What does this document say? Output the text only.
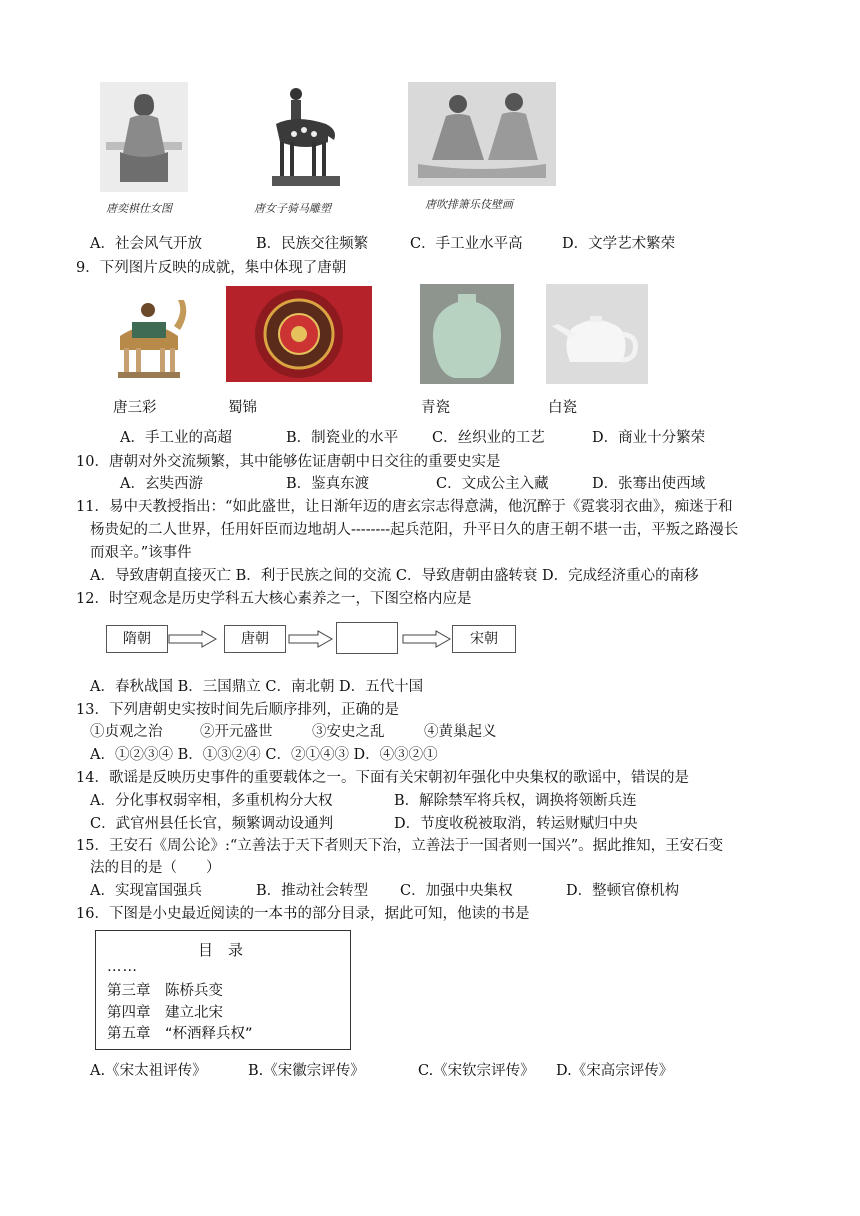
唐奕棋仕女图	唐女子骑马雕塑	唐吹排箫乐伎壁画
A．社会风气开放	B．民族交往频繁	C．手工业水平高	D．文学艺术繁荣
9．下列图片反映的成就，集中体现了唐朝
唐三彩	蜀锦	青瓷	白瓷
A．手工业的高超	B．制瓷业的水平 C．丝织业的工艺	D．商业十分繁荣
10．唐朝对外交流频繁，其中能够佐证唐朝中日交往的重要史实是
A．玄奘西游	B．鉴真东渡	C．文成公主入藏	D．张骞出使西域
11．易中天教授指出：“如此盛世，让日渐年迈的唐玄宗志得意满，他沉醉于《霓裳羽衣曲》，痴迷于和
杨贵妃的二人世界，任用奸臣而边地胡人--------起兵范阳，升平日久的唐王朝不堪一击，平叛之路漫长
而艰辛。”该事件
A．导致唐朝直接灭亡 B．利于民族之间的交流 C．导致唐朝由盛转衰 D．完成经济重心的南移
12．时空观念是历史学科五大核心素养之一，下图空格内应是
隋朝	唐朝	宋朝
A．春秋战国 B．三国鼎立 C．南北朝 D．五代十国
13．下列唐朝史实按时间先后顺序排列，正确的是
①贞观之治	②开元盛世	③安史之乱	④黄巢起义
A．①②③④ B．①③②④ C．②①④③ D．④③②①
14．歌谣是反映历史事件的重要载体之一。下面有关宋朝初年强化中央集权的歌谣中，错误的是
A．分化事权弱宰相，多重机构分大权	B．解除禁军将兵权，调换将领断兵连
C．武官州县任长官，频繁调动设通判	D．节度收税被取消，转运财赋归中央
15．王安石《周公论》:“立善法于天下者则天下治，立善法于一国者则一国兴”。据此推知，王安石变
法的目的是（　　）
A．实现富国强兵	B．推动社会转型 C．加强中央集权	D．整顿官僚机构
16．下图是小史最近阅读的一本书的部分目录，据此可知，他读的书是
目　录
……
第三章　陈桥兵变
第四章　建立北宋
第五章　“杯酒释兵权”
A.《宋太祖评传》	B.《宋徽宗评传》	C.《宋钦宗评传》 D.《宋高宗评传》
